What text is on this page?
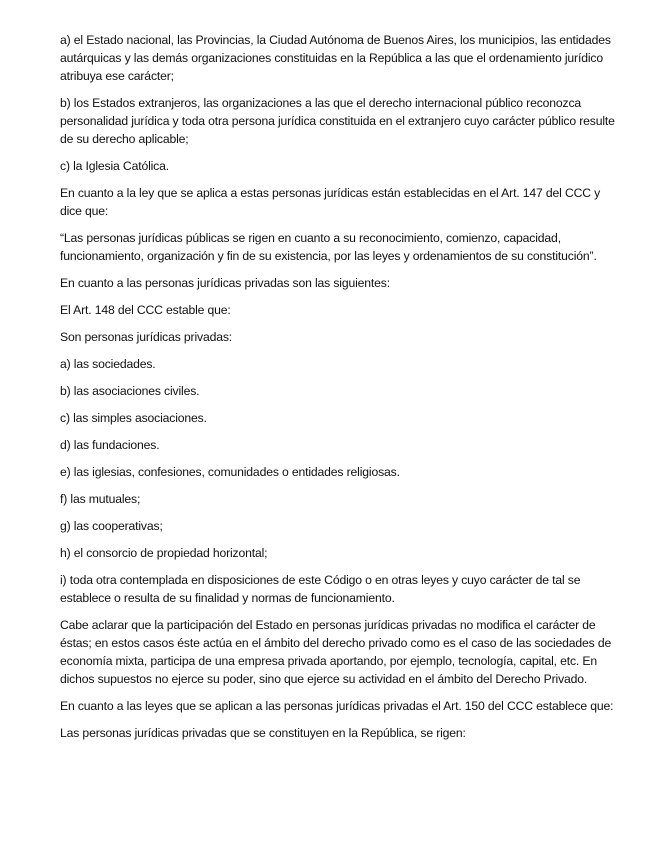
a) el Estado nacional, las Provincias, la Ciudad Autónoma de Buenos Aires, los municipios, las entidades autárquicas y las demás organizaciones constituidas en la República a las que el ordenamiento jurídico atribuya ese carácter;

b) los Estados extranjeros, las organizaciones a las que el derecho internacional público reconozca personalidad jurídica y toda otra persona jurídica constituida en el extranjero cuyo carácter público resulte de su derecho aplicable;

c) la Iglesia Católica.

En cuanto a la ley que se aplica a estas personas jurídicas están establecidas en el Art. 147 del CCC y dice que:

“Las personas jurídicas públicas se rigen en cuanto a su reconocimiento, comienzo, capacidad, funcionamiento, organización y fin de su existencia, por las leyes y ordenamientos de su constitución”.

En cuanto a las personas jurídicas privadas son las siguientes:

El Art. 148 del CCC estable que:

Son personas jurídicas privadas:

a) las sociedades.

b) las asociaciones civiles.

c) las simples asociaciones.

d) las fundaciones.

e) las iglesias, confesiones, comunidades o entidades religiosas.

f) las mutuales;

g) las cooperativas;

h) el consorcio de propiedad horizontal;

i) toda otra contemplada en disposiciones de este Código o en otras leyes y cuyo carácter de tal se establece o resulta de su finalidad y normas de funcionamiento.

Cabe aclarar que la participación del Estado en personas jurídicas privadas no modifica el carácter de éstas; en estos casos éste actúa en el ámbito del derecho privado como es el caso de las sociedades de economía mixta, participa de una empresa privada aportando, por ejemplo, tecnología, capital, etc. En dichos supuestos no ejerce su poder, sino que ejerce su actividad en el ámbito del Derecho Privado.

En cuanto a las leyes que se aplican a las personas jurídicas privadas el Art. 150 del CCC establece que:

Las personas jurídicas privadas que se constituyen en la República, se rigen:
